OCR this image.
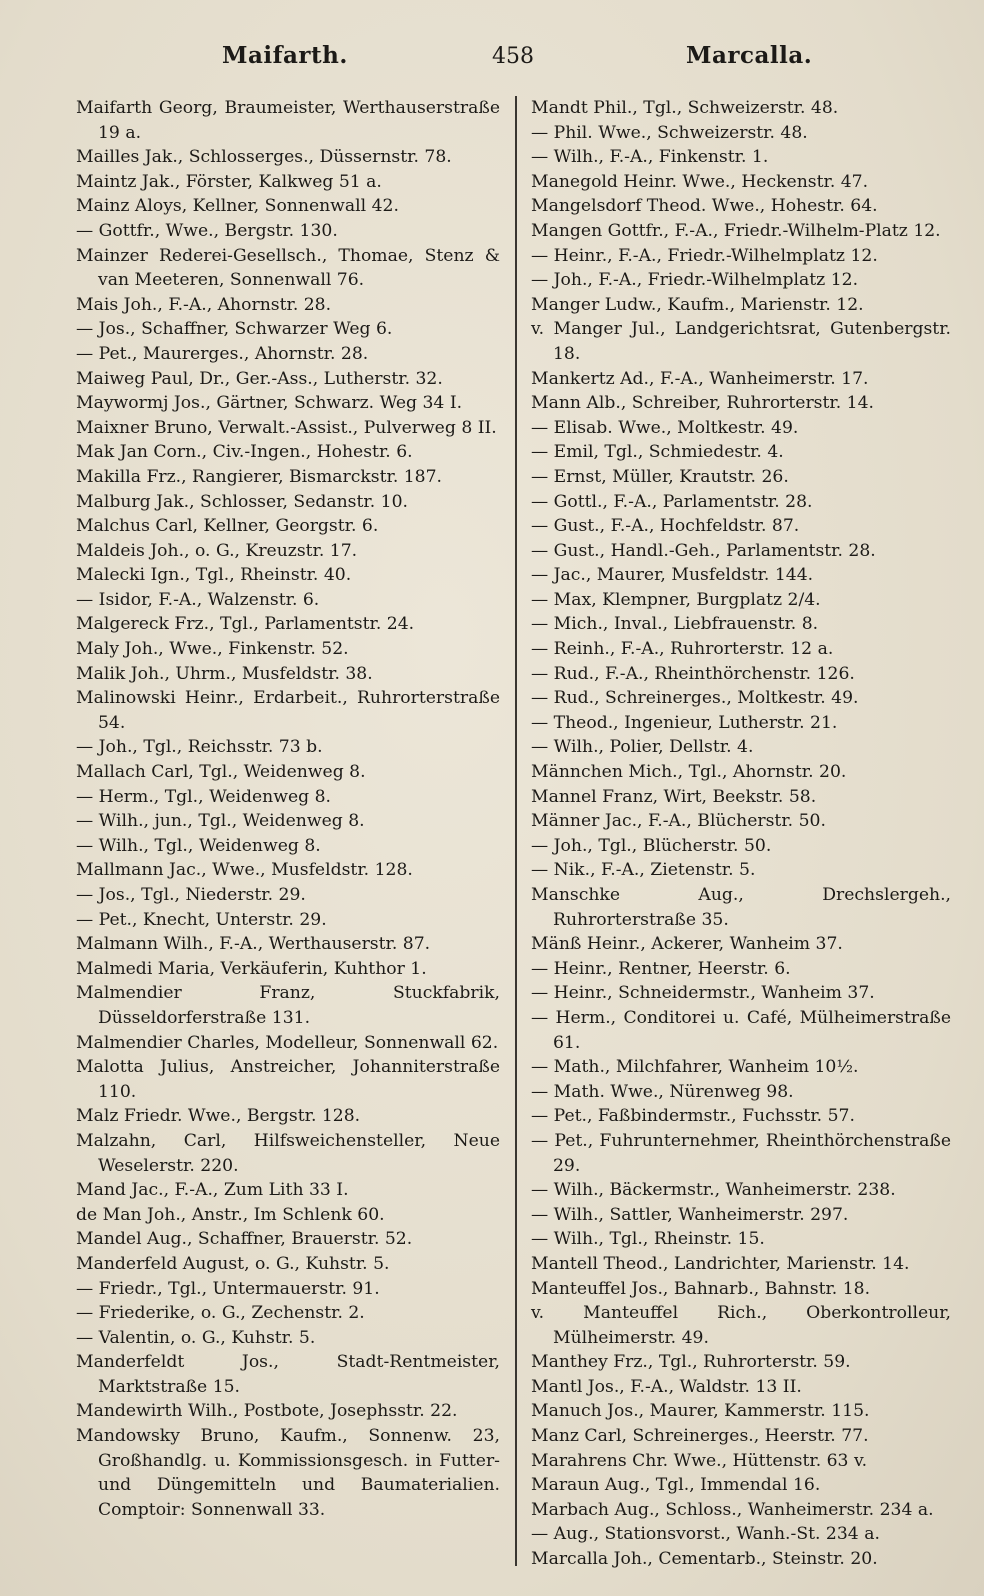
Maifarth.	458	Marcalla.
Maifarth Georg, Braumeister, Werthauserstraße 19 a.
Mailles Jak., Schlosserges., Düssernstr. 78.
Maintz Jak., Förster, Kalkweg 51 a.
Mainz Aloys, Kellner, Sonnenwall 42.
— Gottfr., Wwe., Bergstr. 130.
Mainzer Rederei-Gesellsch., Thomae, Stenz & van Meeteren, Sonnenwall 76.
Mais Joh., F.-A., Ahornstr. 28.
— Jos., Schaffner, Schwarzer Weg 6.
— Pet., Maurerges., Ahornstr. 28.
Maiweg Paul, Dr., Ger.-Ass., Lutherstr. 32.
Maywormj Jos., Gärtner, Schwarz. Weg 34 I.
Maixner Bruno, Verwalt.-Assist., Pulverweg 8 II.
Mak Jan Corn., Civ.-Ingen., Hohestr. 6.
Makilla Frz., Rangierer, Bismarckstr. 187.
Malburg Jak., Schlosser, Sedanstr. 10.
Malchus Carl, Kellner, Georgstr. 6.
Maldeis Joh., o. G., Kreuzstr. 17.
Malecki Ign., Tgl., Rheinstr. 40.
— Isidor, F.-A., Walzenstr. 6.
Malgereck Frz., Tgl., Parlamentstr. 24.
Maly Joh., Wwe., Finkenstr. 52.
Malik Joh., Uhrm., Musfeldstr. 38.
Malinowski Heinr., Erdarbeit., Ruhrorterstraße 54.
— Joh., Tgl., Reichsstr. 73 b.
Mallach Carl, Tgl., Weidenweg 8.
— Herm., Tgl., Weidenweg 8.
— Wilh., jun., Tgl., Weidenweg 8.
— Wilh., Tgl., Weidenweg 8.
Mallmann Jac., Wwe., Musfeldstr. 128.
— Jos., Tgl., Niederstr. 29.
— Pet., Knecht, Unterstr. 29.
Malmann Wilh., F.-A., Werthauserstr. 87.
Malmedi Maria, Verkäuferin, Kuhthor 1.
Malmendier Franz, Stuckfabrik, Düsseldorferstraße 131.
Malmendier Charles, Modelleur, Sonnenwall 62.
Malotta Julius, Anstreicher, Johanniterstraße 110.
Malz Friedr. Wwe., Bergstr. 128.
Malzahn, Carl, Hilfsweichensteller, Neue Weselerstr. 220.
Mand Jac., F.-A., Zum Lith 33 I.
de Man Joh., Anstr., Im Schlenk 60.
Mandel Aug., Schaffner, Brauerstr. 52.
Manderfeld August, o. G., Kuhstr. 5.
— Friedr., Tgl., Untermauerstr. 91.
— Friederike, o. G., Zechenstr. 2.
— Valentin, o. G., Kuhstr. 5.
Manderfeldt Jos., Stadt-Rentmeister, Marktstraße 15.
Mandewirth Wilh., Postbote, Josephsstr. 22.
Mandowsky Bruno, Kaufm., Sonnenw. 23, Großhandlg. u. Kommissionsgesch. in Futter- und Düngemitteln und Baumaterialien. Comptoir: Sonnenwall 33.
Mandt Phil., Tgl., Schweizerstr. 48.
— Phil. Wwe., Schweizerstr. 48.
— Wilh., F.-A., Finkenstr. 1.
Manegold Heinr. Wwe., Heckenstr. 47.
Mangelsdorf Theod. Wwe., Hohestr. 64.
Mangen Gottfr., F.-A., Friedr.-Wilhelm-Platz 12.
— Heinr., F.-A., Friedr.-Wilhelmplatz 12.
— Joh., F.-A., Friedr.-Wilhelmplatz 12.
Manger Ludw., Kaufm., Marienstr. 12.
v. Manger Jul., Landgerichtsrat, Gutenbergstr. 18.
Mankertz Ad., F.-A., Wanheimerstr. 17.
Mann Alb., Schreiber, Ruhrorterstr. 14.
— Elisab. Wwe., Moltkestr. 49.
— Emil, Tgl., Schmiedestr. 4.
— Ernst, Müller, Krautstr. 26.
— Gottl., F.-A., Parlamentstr. 28.
— Gust., F.-A., Hochfeldstr. 87.
— Gust., Handl.-Geh., Parlamentstr. 28.
— Jac., Maurer, Musfeldstr. 144.
— Max, Klempner, Burgplatz 2/4.
— Mich., Inval., Liebfrauenstr. 8.
— Reinh., F.-A., Ruhrorterstr. 12 a.
— Rud., F.-A., Rheinthörchenstr. 126.
— Rud., Schreinerges., Moltkestr. 49.
— Theod., Ingenieur, Lutherstr. 21.
— Wilh., Polier, Dellstr. 4.
Männchen Mich., Tgl., Ahornstr. 20.
Mannel Franz, Wirt, Beekstr. 58.
Männer Jac., F.-A., Blücherstr. 50.
— Joh., Tgl., Blücherstr. 50.
— Nik., F.-A., Zietenstr. 5.
Manschke Aug., Drechslergeh., Ruhrorterstraße 35.
Mänß Heinr., Ackerer, Wanheim 37.
— Heinr., Rentner, Heerstr. 6.
— Heinr., Schneidermstr., Wanheim 37.
— Herm., Conditorei u. Café, Mülheimerstraße 61.
— Math., Milchfahrer, Wanheim 10½.
— Math. Wwe., Nürenweg 98.
— Pet., Faßbindermstr., Fuchsstr. 57.
— Pet., Fuhrunternehmer, Rheinthörchenstraße 29.
— Wilh., Bäckermstr., Wanheimerstr. 238.
— Wilh., Sattler, Wanheimerstr. 297.
— Wilh., Tgl., Rheinstr. 15.
Mantell Theod., Landrichter, Marienstr. 14.
Manteuffel Jos., Bahnarb., Bahnstr. 18.
v. Manteuffel Rich., Oberkontrolleur, Mülheimerstr. 49.
Manthey Frz., Tgl., Ruhrorterstr. 59.
Mantl Jos., F.-A., Waldstr. 13 II.
Manuch Jos., Maurer, Kammerstr. 115.
Manz Carl, Schreinerges., Heerstr. 77.
Marahrens Chr. Wwe., Hüttenstr. 63 v.
Maraun Aug., Tgl., Immendal 16.
Marbach Aug., Schloss., Wanheimerstr. 234 a.
— Aug., Stationsvorst., Wanh.-St. 234 a.
Marcalla Joh., Cementarb., Steinstr. 20.
